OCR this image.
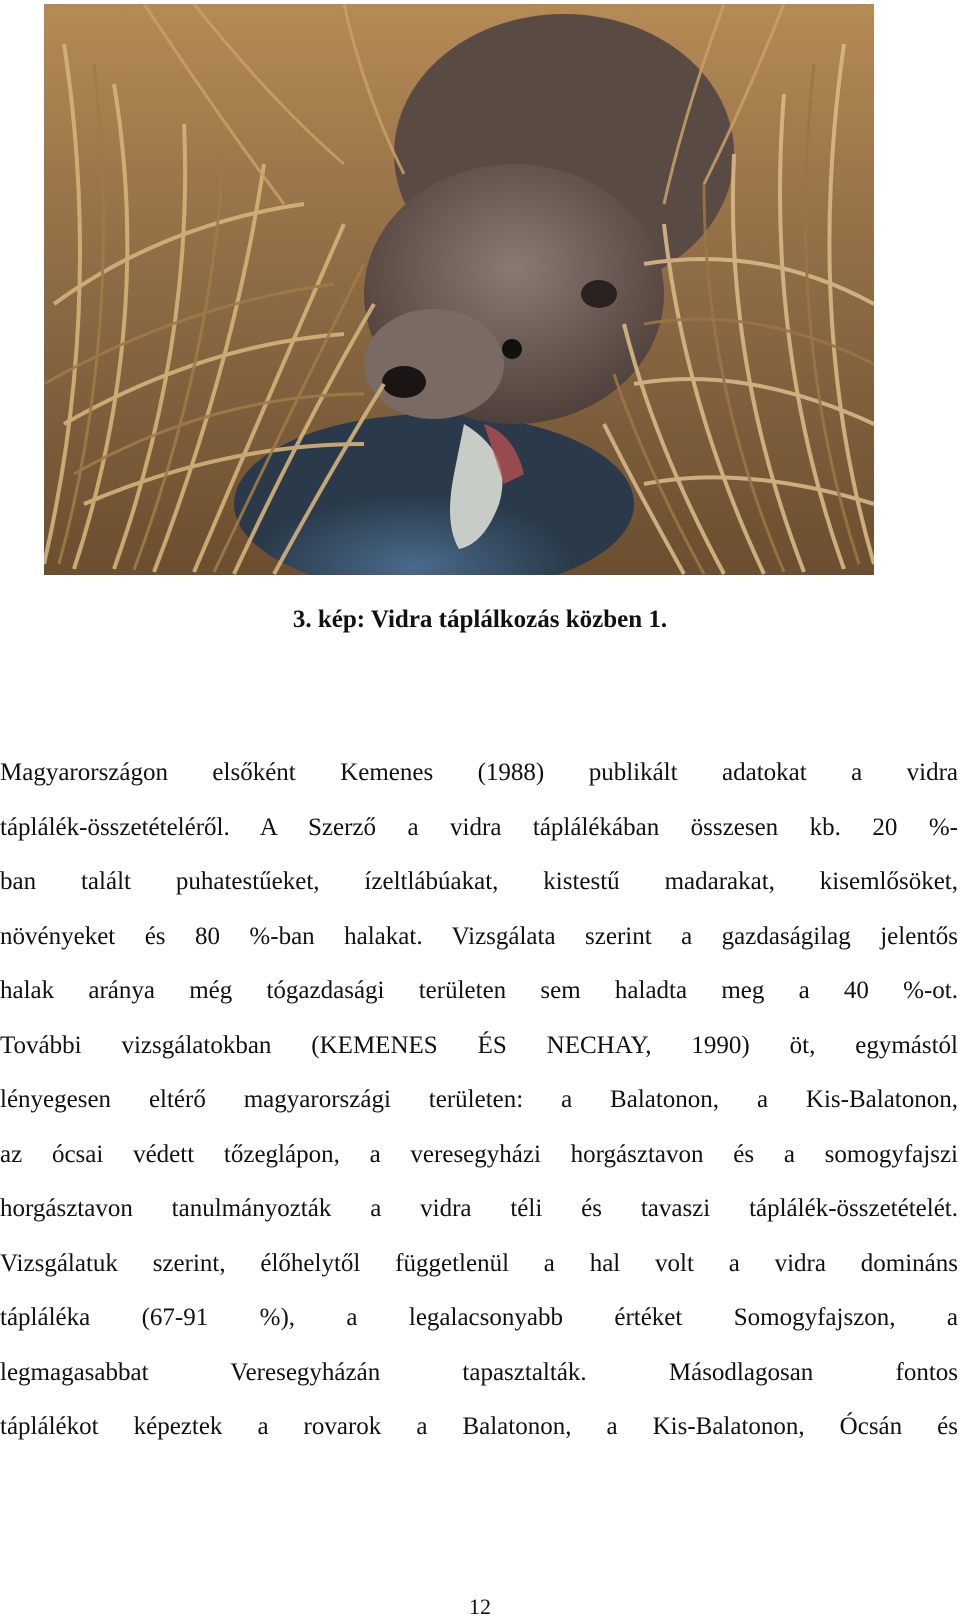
3. kép: Vidra táplálkozás közben 1.

Magyarországon elsőként Kemenes (1988) publikált adatokat a vidra
táplálék-összetételéről. A Szerző a vidra táplálékában összesen kb. 20 %-
ban talált puhatestűeket, ízeltlábúakat, kistestű madarakat, kisemlősöket,
növényeket és 80 %-ban halakat. Vizsgálata szerint a gazdaságilag jelentős
halak aránya még tógazdasági területen sem haladta meg a 40 %-ot.
További vizsgálatokban (KEMENES ÉS NECHAY, 1990) öt, egymástól
lényegesen eltérő magyarországi területen: a Balatonon, a Kis-Balatonon,
az ócsai védett tőzeglápon, a veresegyházi horgásztavon és a somogyfajszi
horgásztavon tanulmányozták a vidra téli és tavaszi táplálék-összetételét.
Vizsgálatuk szerint, élőhelytől függetlenül a hal volt a vidra domináns
tápláléka (67-91 %), a legalacsonyabb értéket Somogyfajszon, a
legmagasabbat Veresegyházán tapasztalták. Másodlagosan fontos
táplálékot képeztek a rovarok a Balatonon, a Kis-Balatonon, Ócsán és

12
